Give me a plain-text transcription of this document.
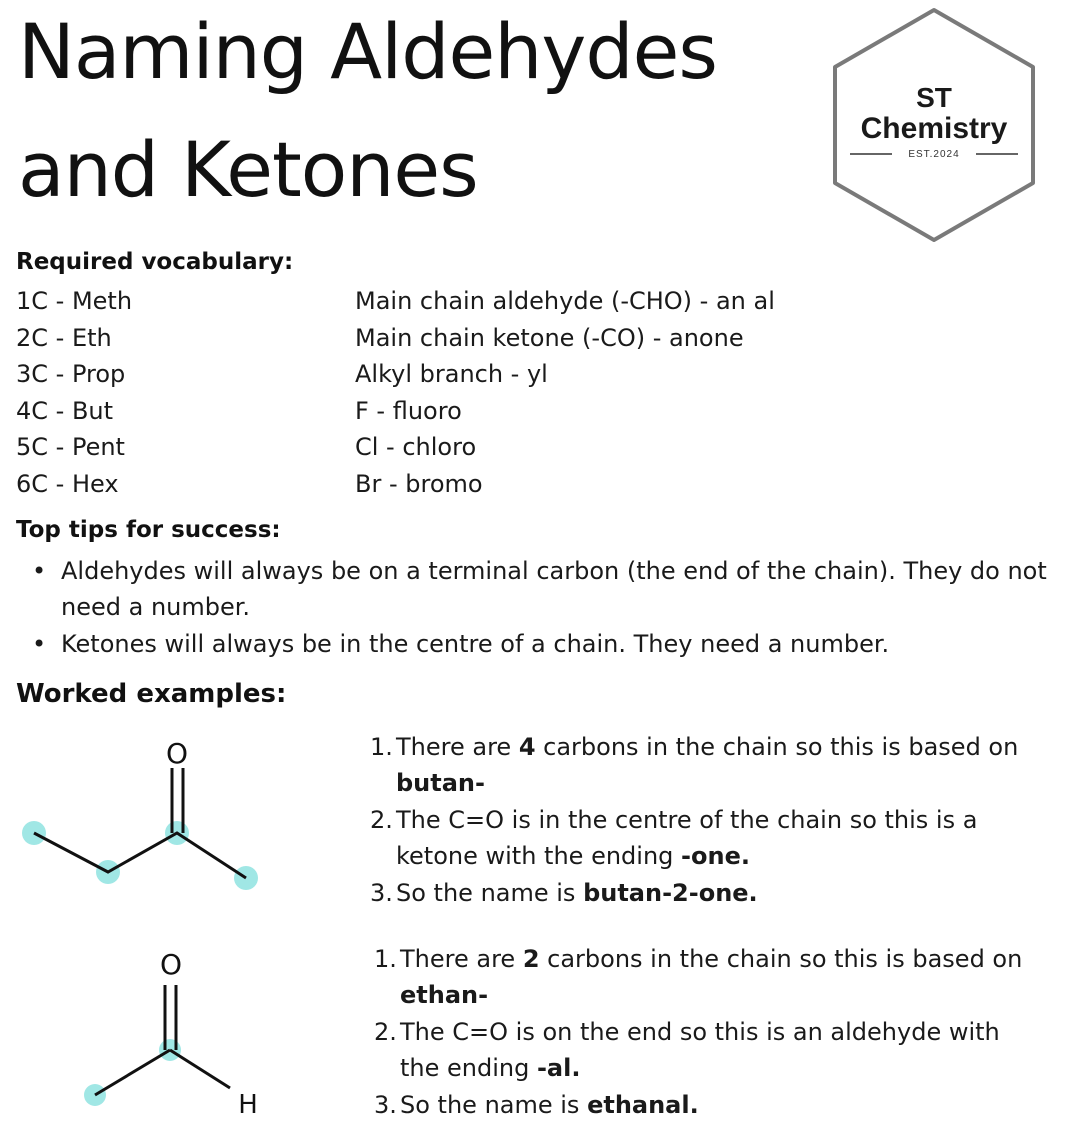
Naming Aldehydes
and Ketones
ST
Chemistry
EST.2024
Required vocabulary:
1C - Meth
2C - Eth
3C - Prop
4C - But
5C - Pent
6C - Hex
Main chain aldehyde (-CHO) - an al
Main chain ketone (-CO) - anone
Alkyl branch - yl
F - fluoro
Cl - chloro
Br - bromo
Top tips for success:
• Aldehydes will always be on a terminal carbon (the end of the chain). They do not need a number.
• Ketones will always be in the centre of a chain. They need a number.
Worked examples:
O	1. There are 4 carbons in the chain so this is based on butan-
2. The C=O is in the centre of the chain so this is a ketone with the ending -one.
3. So the name is butan-2-one.
O
H
1. There are 2 carbons in the chain so this is based on ethan-
2. The C=O is on the end so this is an aldehyde with the ending -al.
3. So the name is ethanal.
